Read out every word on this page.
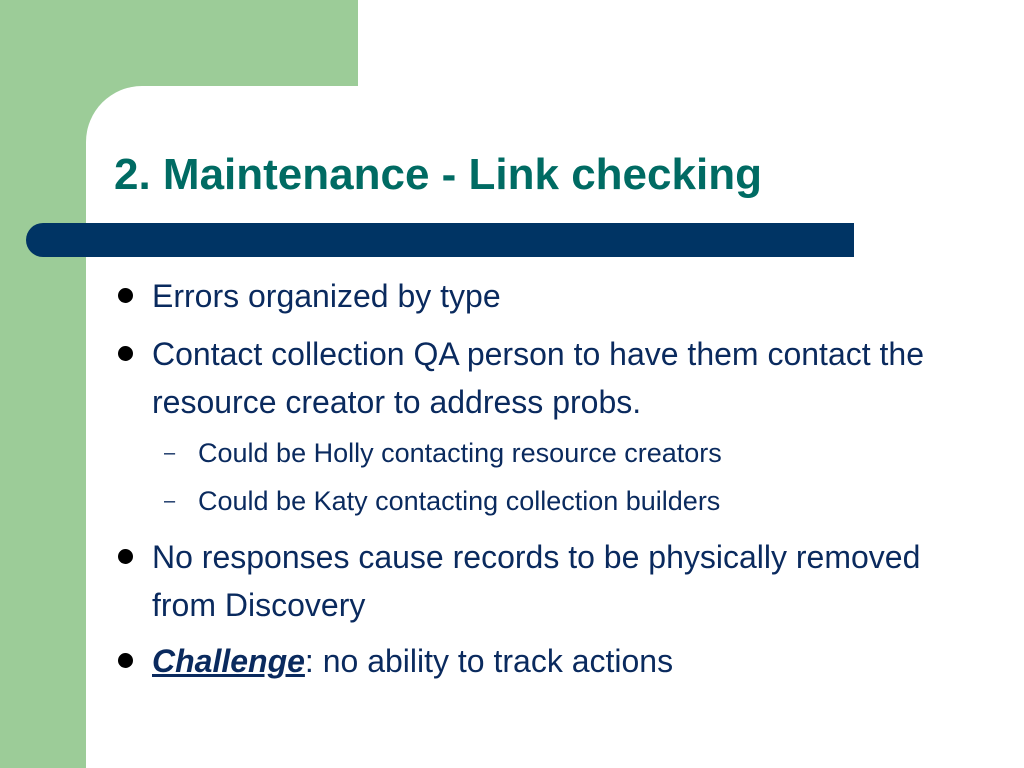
2. Maintenance - Link checking
Errors organized by type
Contact collection QA person to have them contact the resource creator to address probs.
– Could be Holly contacting resource creators
– Could be Katy contacting collection builders
No responses cause records to be physically removed from Discovery
Challenge: no ability to track actions
